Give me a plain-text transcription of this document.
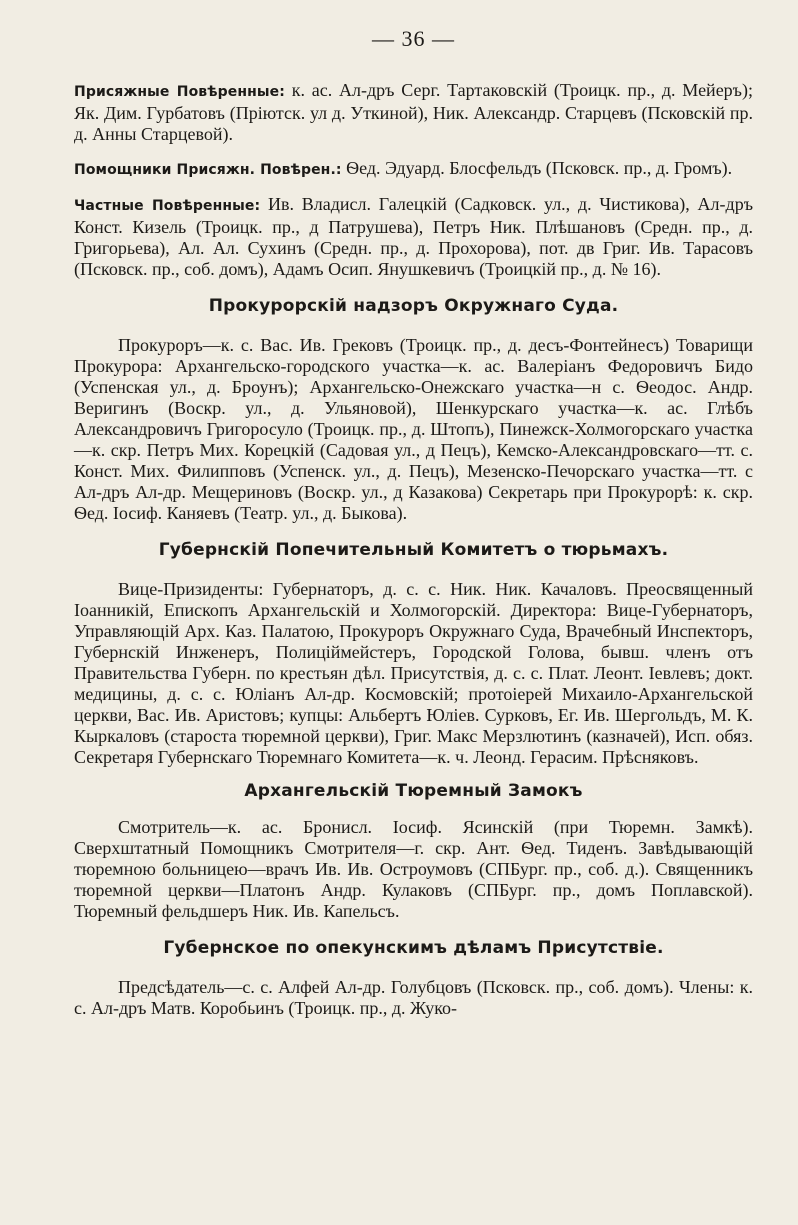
— 36 —

Присяжные Повѣренные: к. ас. Ал-дръ Серг. Тартаковскій (Троицк. пр., д. Мейеръ); Як. Дим. Гурбатовъ (Пріютск. ул д. Уткиной), Ник. Александр. Старцевъ (Псковскій пр. д. Анны Старцевой).

Помощники Присяжн. Повѣрен.: Ѳед. Эдуард. Блосфельдъ (Псковск. пр., д. Громъ).

Частные Повѣренные: Ив. Владисл. Галецкій (Садковск. ул., д. Чистикова), Ал-дръ Конст. Кизель (Троицк. пр., д Патрушева), Петръ Ник. Плѣшановъ (Средн. пр., д. Григорьева), Ал. Ал. Сухинъ (Средн. пр., д. Прохорова), пот. дв Григ. Ив. Тарасовъ (Псковск. пр., соб. домъ), Адамъ Осип. Янушкевичъ (Троицкій пр., д. № 16).

Прокурорскій надзоръ Окружнаго Суда.

Прокуроръ—к. с. Вас. Ив. Грековъ (Троицк. пр., д. десъ-Фонтейнесъ) Товарищи Прокурора: Архангельско-городского участка—к. ас. Валеріанъ Федоровичъ Бидо (Успенская ул., д. Броунъ); Архангельско-Онежскаго участка—н с. Ѳеодос. Андр. Веригинъ (Воскр. ул., д. Ульяновой), Шенкурскаго участка—к. ас. Глѣбъ Александровичъ Григоросуло (Троицк. пр., д. Штопъ), Пинежск-Холмогорскаго участка—к. скр. Петръ Мих. Корецкій (Садовая ул., д Пецъ), Кемско-Александровскаго—тт. с. Конст. Мих. Филипповъ (Успенск. ул., д. Пецъ), Мезенско-Печорскаго участка—тт. с Ал-дръ Ал-др. Мещериновъ (Воскр. ул., д Казакова) Секретарь при Прокурорѣ: к. скр. Ѳед. Іосиф. Каняевъ (Театр. ул., д. Быкова).

Губернскій Попечительный Комитетъ о тюрьмахъ.

Вице-Призиденты: Губернаторъ, д. с. с. Ник. Ник. Качаловъ. Преосвященный Іоанникій, Епископъ Архангельскій и Холмогорскій. Директора: Вице-Губернаторъ, Управляющій Арх. Каз. Палатою, Прокуроръ Окружнаго Суда, Врачебный Инспекторъ, Губернскій Инженеръ, Полиціймейстеръ, Городской Голова, бывш. членъ отъ Правительства Губерн. по крестьян дѣл. Присутствія, д. с. с. Плат. Леонт. Іевлевъ; докт. медицины, д. с. с. Юліанъ Ал-др. Космовскій; протоіерей Михаило-Архангельской церкви, Вас. Ив. Аристовъ; купцы: Альбертъ Юліев. Сурковъ, Ег. Ив. Шергольдъ, М. К. Кыркаловъ (староста тюремной церкви), Григ. Макс Мерзлютинъ (казначей), Исп. обяз. Секретаря Губернскаго Тюремнаго Комитета—к. ч. Леонд. Герасим. Прѣсняковъ.

Архангельскій Тюремный Замокъ

Смотритель—к. ас. Бронисл. Іосиф. Ясинскій (при Тюремн. Замкѣ). Сверхштатный Помощникъ Смотрителя—г. скр. Ант. Ѳед. Тиденъ. Завѣдывающій тюремною больницею—врачъ Ив. Ив. Остроумовъ (СПБург. пр., соб. д.). Священникъ тюремной церкви—Платонъ Андр. Кулаковъ (СПБург. пр., домъ Поплавской). Тюремный фельдшеръ Ник. Ив. Капельсъ.

Губернское по опекунскимъ дѣламъ Присутствіе.

Предсѣдатель—с. с. Алфей Ал-др. Голубцовъ (Псковск. пр., соб. домъ). Члены: к. с. Ал-дръ Матв. Коробьинъ (Троицк. пр., д. Жуко-
